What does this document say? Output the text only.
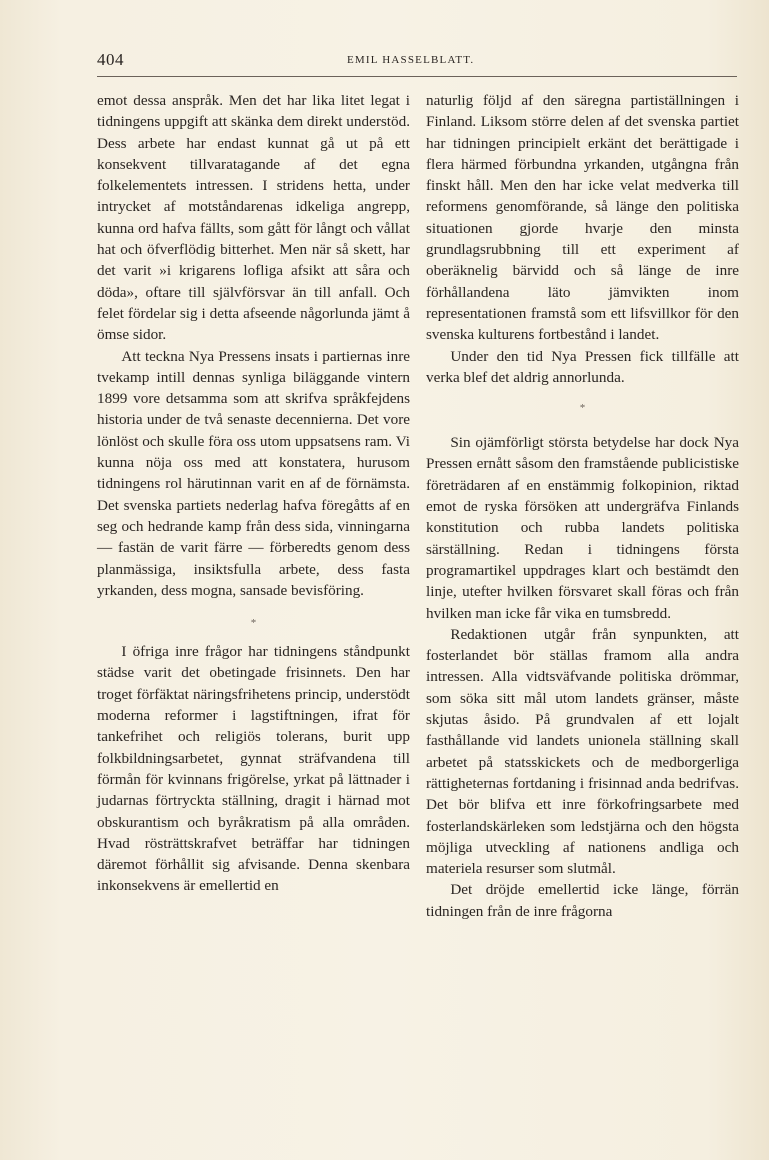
404	EMIL HASSELBLATT.

emot dessa anspråk. Men det har lika litet legat i tidningens uppgift att skänka dem direkt understöd. Dess arbete har endast kunnat gå ut på ett konsekvent tillvaratagande af det egna folkelementets intressen. I stridens hetta, under intrycket af motståndarenas idkeliga angrepp, kunna ord hafva fällts, som gått för långt och vållat hat och öfverflödig bitterhet. Men när så skett, har det varit »i krigarens lofliga afsikt att såra och döda», oftare till självförsvar än till anfall. Och felet fördelar sig i detta afseende någorlunda jämt å ömse sidor.

Att teckna Nya Pressens insats i partiernas inre tvekamp intill dennas synliga biläggande vintern 1899 vore detsamma som att skrifva språkfejdens historia under de två senaste decennierna. Det vore lönlöst och skulle föra oss utom uppsatsens ram. Vi kunna nöja oss med att konstatera, hurusom tidningens rol härutinnan varit en af de förnämsta. Det svenska partiets nederlag hafva föregåtts af en seg och hedrande kamp från dess sida, vinningarna — fastän de varit färre — förberedts genom dess planmässiga, insiktsfulla arbete, dess fasta yrkanden, dess mogna, sansade bevisföring.

*

I öfriga inre frågor har tidningens ståndpunkt städse varit det obetingade frisinnets. Den har troget förfäktat näringsfrihetens princip, understödt moderna reformer i lagstiftningen, ifrat för tankefrihet och religiös tolerans, burit upp folkbildningsarbetet, gynnat sträfvandena till förmån för kvinnans frigörelse, yrkat på lättnader i judarnas förtryckta ställning, dragit i härnad mot obskurantism och byråkratism på alla områden. Hvad rösträttskrafvet beträffar har tidningen däremot förhållit sig afvisande. Denna skenbara inkonsekvens är emellertid en

naturlig följd af den säregna partiställningen i Finland. Liksom större delen af det svenska partiet har tidningen principielt erkänt det berättigade i flera härmed förbundna yrkanden, utgångna från finskt håll. Men den har icke velat medverka till reformens genomförande, så länge den politiska situationen gjorde hvarje den minsta grundlagsrubbning till ett experiment af oberäknelig bärvidd och så länge de inre förhållandena läto jämvikten inom representationen framstå som ett lifsvillkor för den svenska kulturens fortbestånd i landet.

Under den tid Nya Pressen fick tillfälle att verka blef det aldrig annorlunda.

*

Sin ojämförligt största betydelse har dock Nya Pressen ernått såsom den framstående publicistiske företrädaren af en enstämmig folkopinion, riktad emot de ryska försöken att undergräfva Finlands konstitution och rubba landets politiska särställning. Redan i tidningens första programartikel uppdrages klart och bestämdt den linje, utefter hvilken försvaret skall föras och från hvilken man icke får vika en tumsbredd.

Redaktionen utgår från synpunkten, att fosterlandet bör ställas framom alla andra intressen. Alla vidtsväfvande politiska drömmar, som söka sitt mål utom landets gränser, måste skjutas åsido. På grundvalen af ett lojalt fasthållande vid landets unionela ställning skall arbetet på statsskickets och de medborgerliga rättigheternas fortdaning i frisinnad anda bedrifvas. Det bör blifva ett inre förkofringsarbete med fosterlandskärleken som ledstjärna och den högsta möjliga utveckling af nationens andliga och materiela resurser som slutmål.

Det dröjde emellertid icke länge, förrän tidningen från de inre frågorna
